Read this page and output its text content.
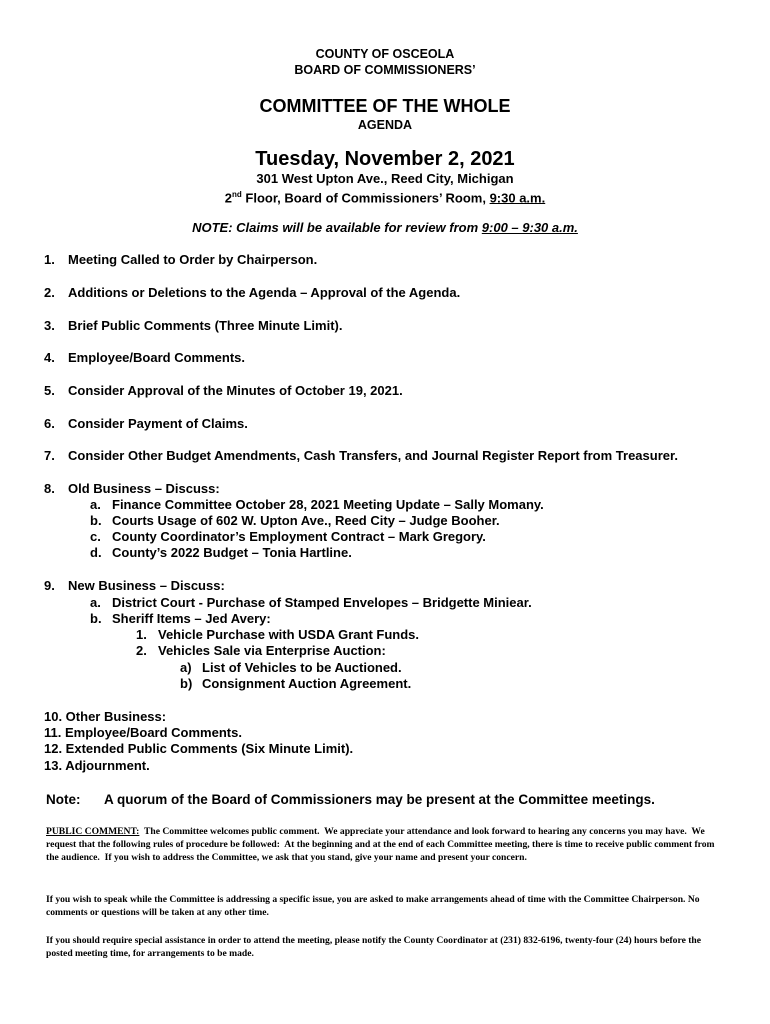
COUNTY OF OSCEOLA
BOARD OF COMMISSIONERS’
COMMITTEE OF THE WHOLE
AGENDA
Tuesday, November 2, 2021
301 West Upton Ave., Reed City, Michigan
2nd Floor, Board of Commissioners’ Room, 9:30 a.m.
NOTE: Claims will be available for review from 9:00 – 9:30 a.m.
1. Meeting Called to Order by Chairperson.
2. Additions or Deletions to the Agenda – Approval of the Agenda.
3. Brief Public Comments (Three Minute Limit).
4. Employee/Board Comments.
5. Consider Approval of the Minutes of October 19, 2021.
6. Consider Payment of Claims.
7. Consider Other Budget Amendments, Cash Transfers, and Journal Register Report from Treasurer.
8. Old Business – Discuss:
a. Finance Committee October 28, 2021 Meeting Update – Sally Momany.
b. Courts Usage of 602 W. Upton Ave., Reed City – Judge Booher.
c. County Coordinator’s Employment Contract – Mark Gregory.
d. County’s 2022 Budget – Tonia Hartline.
9. New Business – Discuss:
a. District Court - Purchase of Stamped Envelopes – Bridgette Miniear.
b. Sheriff Items – Jed Avery:
1. Vehicle Purchase with USDA Grant Funds.
2. Vehicles Sale via Enterprise Auction:
a) List of Vehicles to be Auctioned.
b) Consignment Auction Agreement.
10. Other Business:
11. Employee/Board Comments.
12. Extended Public Comments (Six Minute Limit).
13. Adjournment.
Note: A quorum of the Board of Commissioners may be present at the Committee meetings.
PUBLIC COMMENT:  The Committee welcomes public comment.  We appreciate your attendance and look forward to hearing any concerns you may have.  We request that the following rules of procedure be followed:  At the beginning and at the end of each Committee meeting, there is time to receive public comment from the audience.  If you wish to address the Committee, we ask that you stand, give your name and present your concern.
If you wish to speak while the Committee is addressing a specific issue, you are asked to make arrangements ahead of time with the Committee Chairperson. No comments or questions will be taken at any other time.
If you should require special assistance in order to attend the meeting, please notify the County Coordinator at (231) 832-6196, twenty-four (24) hours before the posted meeting time, for arrangements to be made.
